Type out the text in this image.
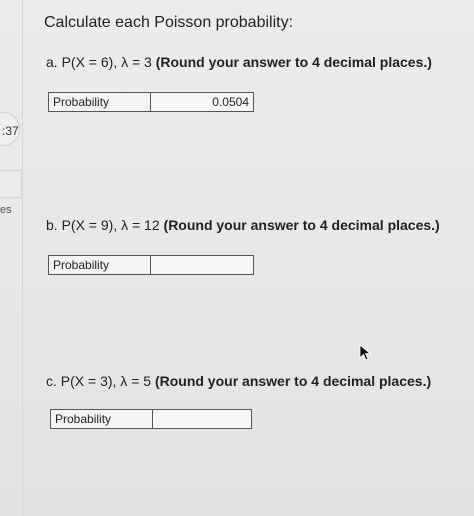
:37
es
Calculate each Poisson probability:
a. P(X = 6), λ = 3 (Round your answer to 4 decimal places.)
Probability
0.0504
b. P(X = 9), λ = 12 (Round your answer to 4 decimal places.)
Probability
c. P(X = 3), λ = 5 (Round your answer to 4 decimal places.)
Probability
